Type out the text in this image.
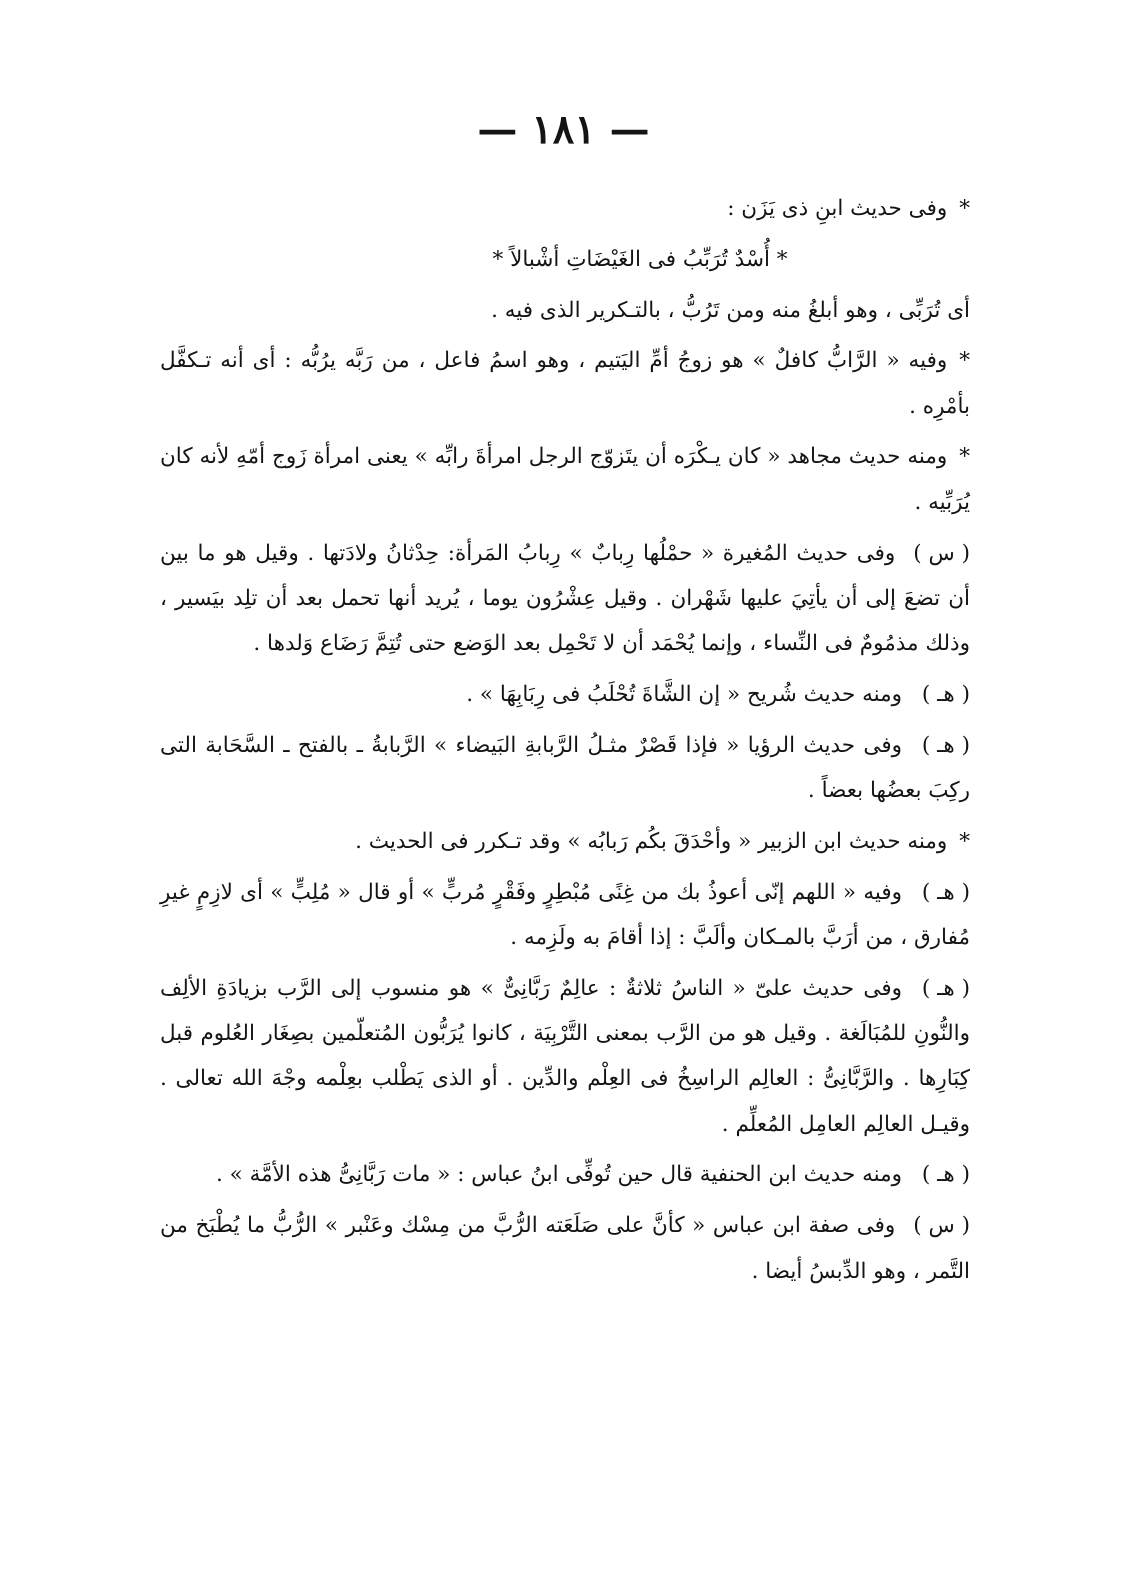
— ١٨١ —

*وفى حديث ابنِ ذى يَزَن :

* أُسْدٌ تُرَبِّبُ فى الغَيْضَاتِ أشْبالاً *

أى تُرَبِّى ، وهو أبلغُ منه ومن تَرُبُّ ، بالتـكرير الذى فيه .

*وفيه « الرَّابُّ كافلٌ » هو زوجُ أمِّ اليَتيم ، وهو اسمُ فاعل ، من رَبَّه يرُبُّه : أى أنه تـكفَّل بأمْرِه .

*ومنه حديث مجاهد « كان يـكْرَه أن يتَزوّج الرجل امرأةَ رابِّه » يعنى امرأة زَوج أمّهِ لأنه كان يُرَبِّيه .

( س )وفى حديث المُغيرة « حمْلُها رِبابٌ » رِبابُ المَرأة: حِدْثانُ ولادَتها . وقيل هو ما بين أن تضعَ إلى أن يأتِيَ عليها شَهْران . وقيل عِشْرُون يوما ، يُريد أنها تحمل بعد أن تلِد بيَسير ، وذلك مذمُومٌ فى النِّساء ، وإنما يُحْمَد أن لا تَحْمِل بعد الوَضع حتى تُتِمَّ رَضَاع وَلدها .

( هـ )ومنه حديث شُريح « إن الشَّاةَ تُحْلَبُ فى رِبَابِهَا » .

( هـ )وفى حديث الرؤيا « فإذا قَصْرٌ مثـلُ الرَّبابةِ البَيضاء » الرَّبابةُ ـ بالفتح ـ السَّحَابة التى ركِبَ بعضُها بعضاً .

*ومنه حديث ابن الزبير « وأحْدَقَ بكُم رَبابُه » وقد تـكرر فى الحديث .

( هـ )وفيه « اللهم إنّى أعوذُ بك من غِنًى مُبْطِرٍ وفَقْرٍ مُربٍّ » أو قال « مُلِبٍّ » أى لازِمٍ غيرِ مُفارق ، من أرَبَّ بالمـكان وألَبَّ : إذا أقامَ به ولَزِمه .

( هـ )وفى حديث علىّ « الناسُ ثلاثةٌ : عالِمٌ رَبَّانِىٌّ » هو منسوب إلى الرَّب بزيادَةِ الألِف والنُّونِ للمُبَالَغة . وقيل هو من الرَّب بمعنى التَّرْبِيَة ، كانوا يُرَبُّون المُتعلّمين بصِغَار العُلوم قبل كِبَارِها . والرَّبَّانِىُّ : العالِم الراسِخُ فى العِلْم والدِّين . أو الذى يَطْلب بعِلْمه وجْهَ الله تعالى . وقيـل العالِم العامِل المُعلِّم .

( هـ )ومنه حديث ابن الحنفية قال حين تُوفِّى ابنُ عباس : « مات رَبَّانِىُّ هذه الأمَّة » .

( س )وفى صفة ابن عباس « كأنَّ على صَلَعَته الرُّبَّ من مِسْك وعَنْبر » الرُّبُّ ما يُطْبَخ من التَّمر ، وهو الدِّبسُ أيضا .
